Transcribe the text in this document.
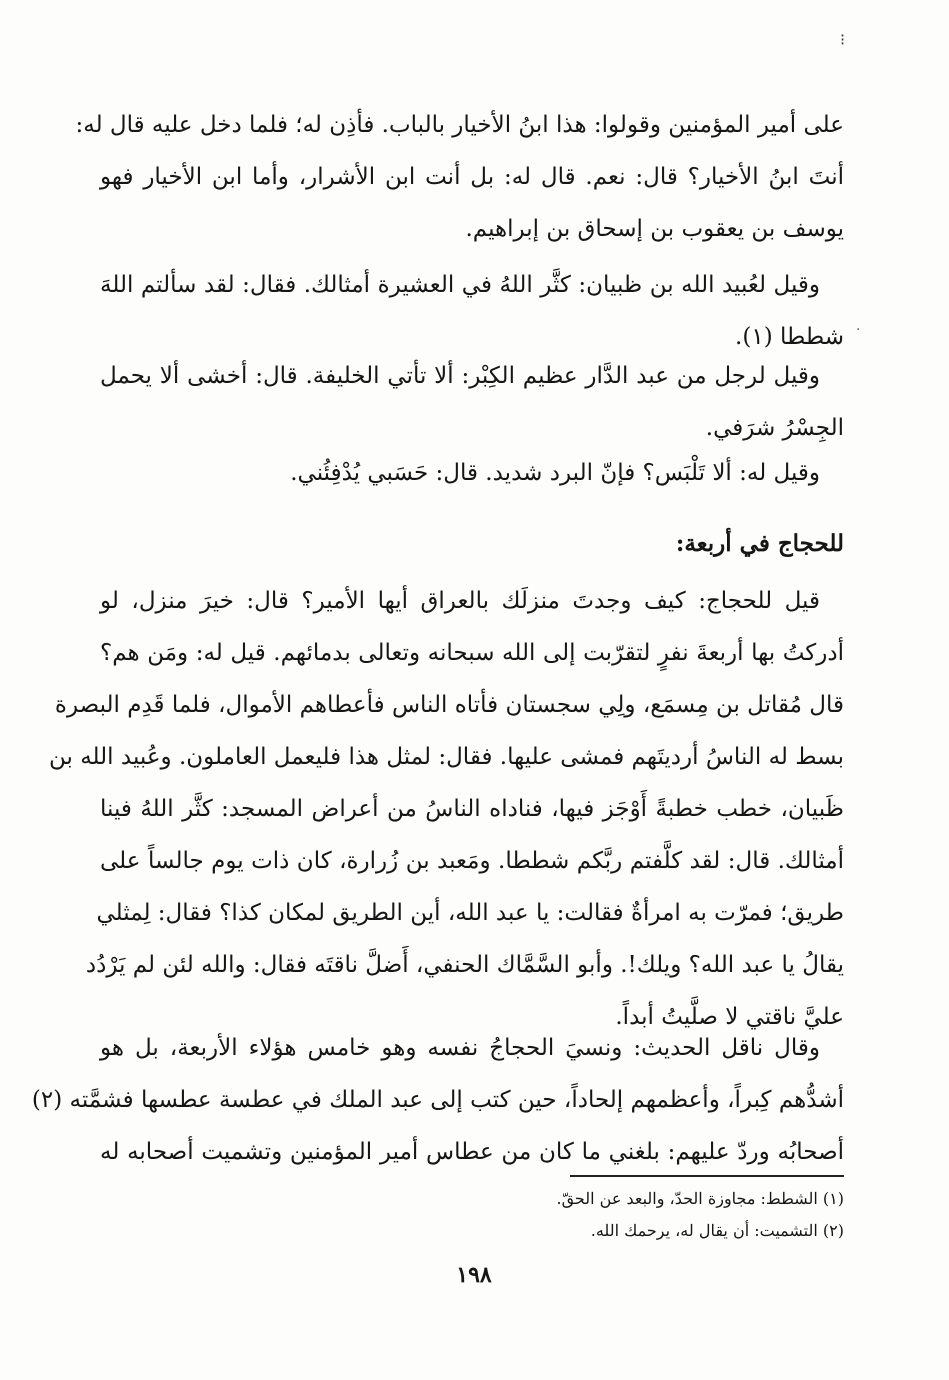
⁝
·
على أمير المؤمنين وقولوا: هذا ابنُ الأخيار بالباب. فأذِن له؛ فلما دخل عليه قال له:
أنتَ ابنُ الأخيار؟ قال: نعم. قال له: بل أنت ابن الأشرار، وأما ابن الأخيار فهو
يوسف بن يعقوب بن إسحاق بن إبراهيم.
وقيل لعُبيد الله بن ظبيان: كثَّر اللهُ في العشيرة أمثالك. فقال: لقد سألتم اللهَ
شططا (١).
وقيل لرجل من عبد الدَّار عظيم الكِبْر: ألا تأتي الخليفة. قال: أخشى ألا يحمل
الجِسْرُ شرَفي.
وقيل له: ألا تَلْبَس؟ فإنّ البرد شديد. قال: حَسَبي يُدْفِئُني.
للحجاج في أربعة:
قيل للحجاج: كيف وجدتَ منزلَك بالعراق أيها الأمير؟ قال: خيرَ منزل، لو
أدركتُ بها أربعةَ نفرٍ لتقرّبت إلى الله سبحانه وتعالى بدمائهم. قيل له: ومَن هم؟
قال مُقاتل بن مِسمَع، ولِي سجستان فأتاه الناس فأعطاهم الأموال، فلما قَدِم البصرة
بسط له الناسُ أرديتَهم فمشى عليها. فقال: لمثل هذا فليعمل العاملون. وعُبيد الله بن
ظَبيان، خطب خطبةً أَوْجَز فيها، فناداه الناسُ من أعراض المسجد: كثَّر اللهُ فينا
أمثالك. قال: لقد كلَّفتم ربَّكم شططا. ومَعبد بن زُرارة، كان ذات يوم جالساً على
طريق؛ فمرّت به امرأةٌ فقالت: يا عبد الله، أين الطريق لمكان كذا؟ فقال: لِمثلي
يقالُ يا عبد الله؟ ويلك!. وأبو السَّمَّاك الحنفي، أَضلَّ ناقتَه فقال: والله لئن لم يَرْدُد
عليَّ ناقتي لا صلَّيتُ أبداً.
وقال ناقل الحديث: ونسيَ الحجاجُ نفسه وهو خامس هؤلاء الأربعة، بل هو
أشدُّهم كِبراً، وأعظمهم إلحاداً، حين كتب إلى عبد الملك في عطسة عطسها فشمَّته (٢)
أصحابُه وردّ عليهم: بلغني ما كان من عطاس أمير المؤمنين وتشميت أصحابه له
(١) الشطط: مجاوزة الحدّ، والبعد عن الحقّ.
(٢) التشميت: أن يقال له، يرحمك الله.
١٩٨
